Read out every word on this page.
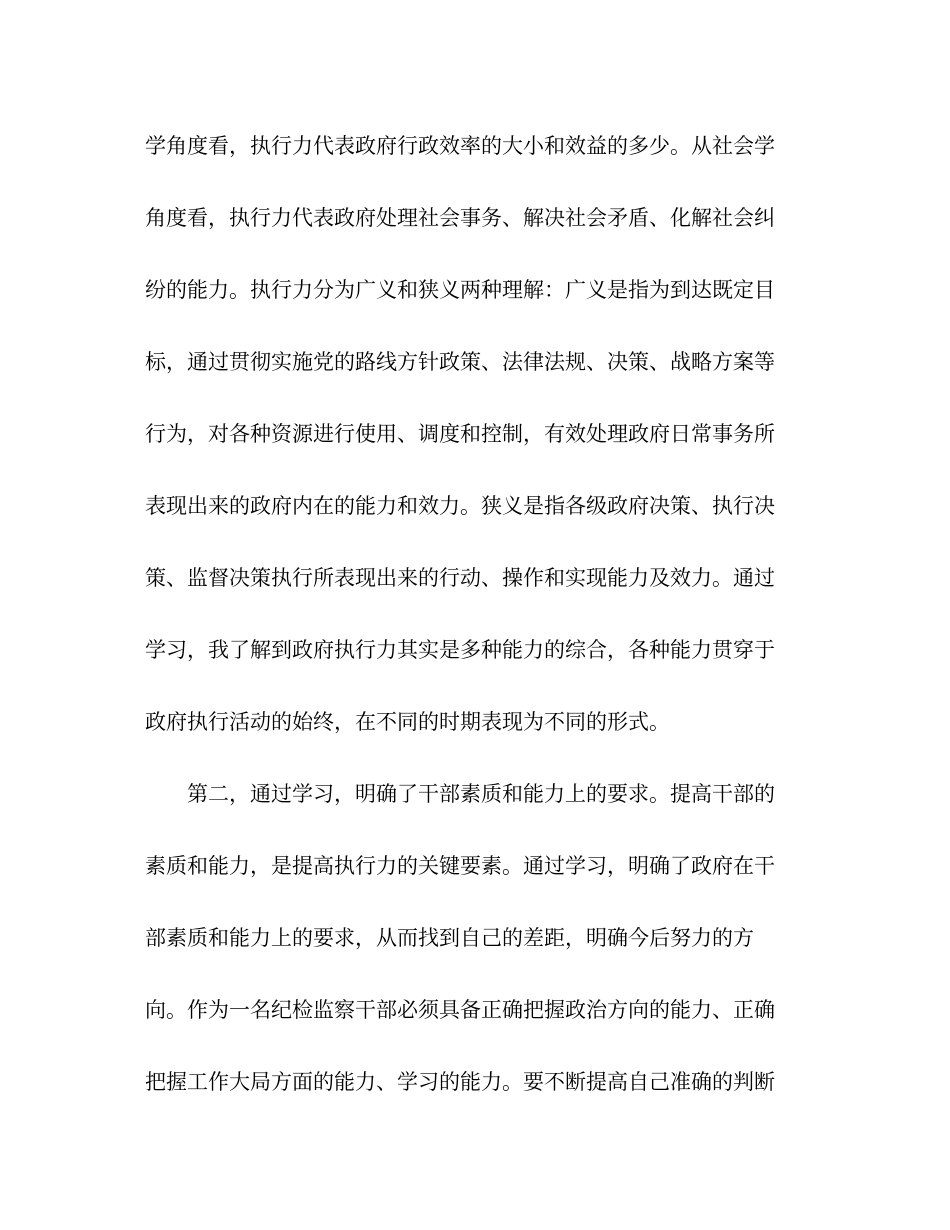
学角度看，执行力代表政府行政效率的大小和效益的多少。从社会学
角度看，执行力代表政府处理社会事务、解决社会矛盾、化解社会纠
纷的能力。执行力分为广义和狭义两种理解：广义是指为到达既定目
标，通过贯彻实施党的路线方针政策、法律法规、决策、战略方案等
行为，对各种资源进行使用、调度和控制，有效处理政府日常事务所
表现出来的政府内在的能力和效力。狭义是指各级政府决策、执行决
策、监督决策执行所表现出来的行动、操作和实现能力及效力。通过
学习，我了解到政府执行力其实是多种能力的综合，各种能力贯穿于
政府执行活动的始终，在不同的时期表现为不同的形式。
第二，通过学习，明确了干部素质和能力上的要求。提高干部的
素质和能力，是提高执行力的关键要素。通过学习，明确了政府在干
部素质和能力上的要求，从而找到自己的差距，明确今后努力的方
向。作为一名纪检监察干部必须具备正确把握政治方向的能力、正确
把握工作大局方面的能力、学习的能力。要不断提高自己准确的判断
